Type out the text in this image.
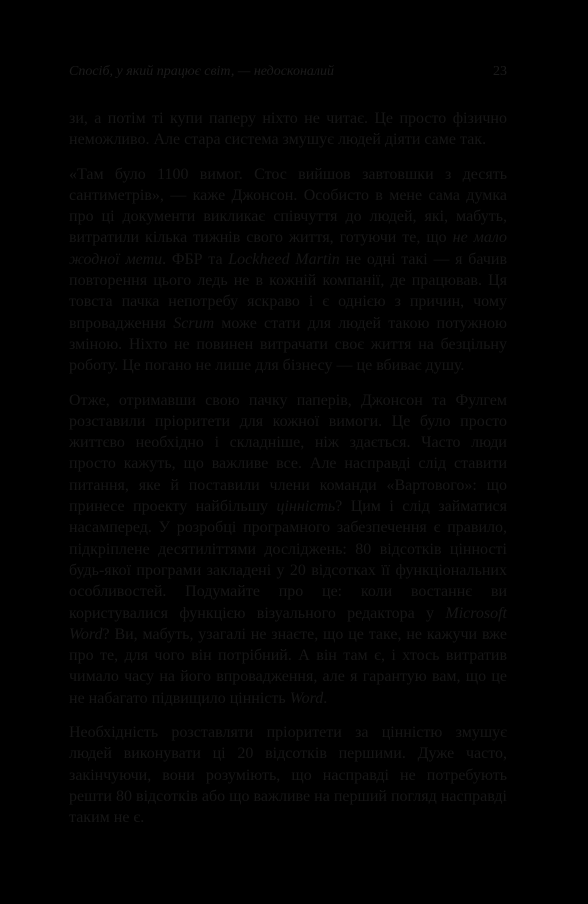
Спосіб, у який працює світ, — недосконалий	23

зи, а потім ті купи паперу ніхто не читає. Це просто фізично неможливо. Але стара система змушує людей діяти саме так.

«Там було 1100 вимог. Стос вийшов завтовшки з десять сантиметрів», — каже Джонсон. Особисто в мене сама думка про ці документи викликає співчуття до людей, які, мабуть, витратили кілька тижнів свого життя, готуючи те, що не мало жодної мети. ФБР та Lockheed Martin не одні такі — я бачив повторення цього ледь не в кожній компанії, де працював. Ця товста пачка непотребу яскраво і є однією з причин, чому впровадження Scrum може стати для людей такою потужною зміною. Ніхто не повинен витрачати своє життя на безцільну роботу. Це погано не лише для бізнесу — це вбиває душу.

Отже, отримавши свою пачку паперів, Джонсон та Фулгем розставили пріоритети для кожної вимоги. Це було просто життєво необхідно і складніше, ніж здається. Часто люди просто кажуть, що важливе все. Але насправді слід ставити питання, яке й поставили члени команди «Вартового»: що принесе проекту найбільшу цінність? Цим і слід займатися насамперед. У розробці програмного забезпечення є правило, підкріплене десятиліттями досліджень: 80 відсотків цінності будь-якої програми закладені у 20 відсотках її функціональних особливостей. Подумайте про це: коли востаннє ви користувалися функцією візуального редактора у Microsoft Word? Ви, мабуть, узагалі не знаєте, що це таке, не кажучи вже про те, для чого він потрібний. А він там є, і хтось витратив чимало часу на його впровадження, але я гарантую вам, що це не набагато підвищило цінність Word.

Необхідність розставляти пріоритети за цінністю змушує людей виконувати ці 20 відсотків першими. Дуже часто, закінчуючи, вони розуміють, що насправді не потребують решти 80 відсотків або що важливе на перший погляд насправді таким не є.
